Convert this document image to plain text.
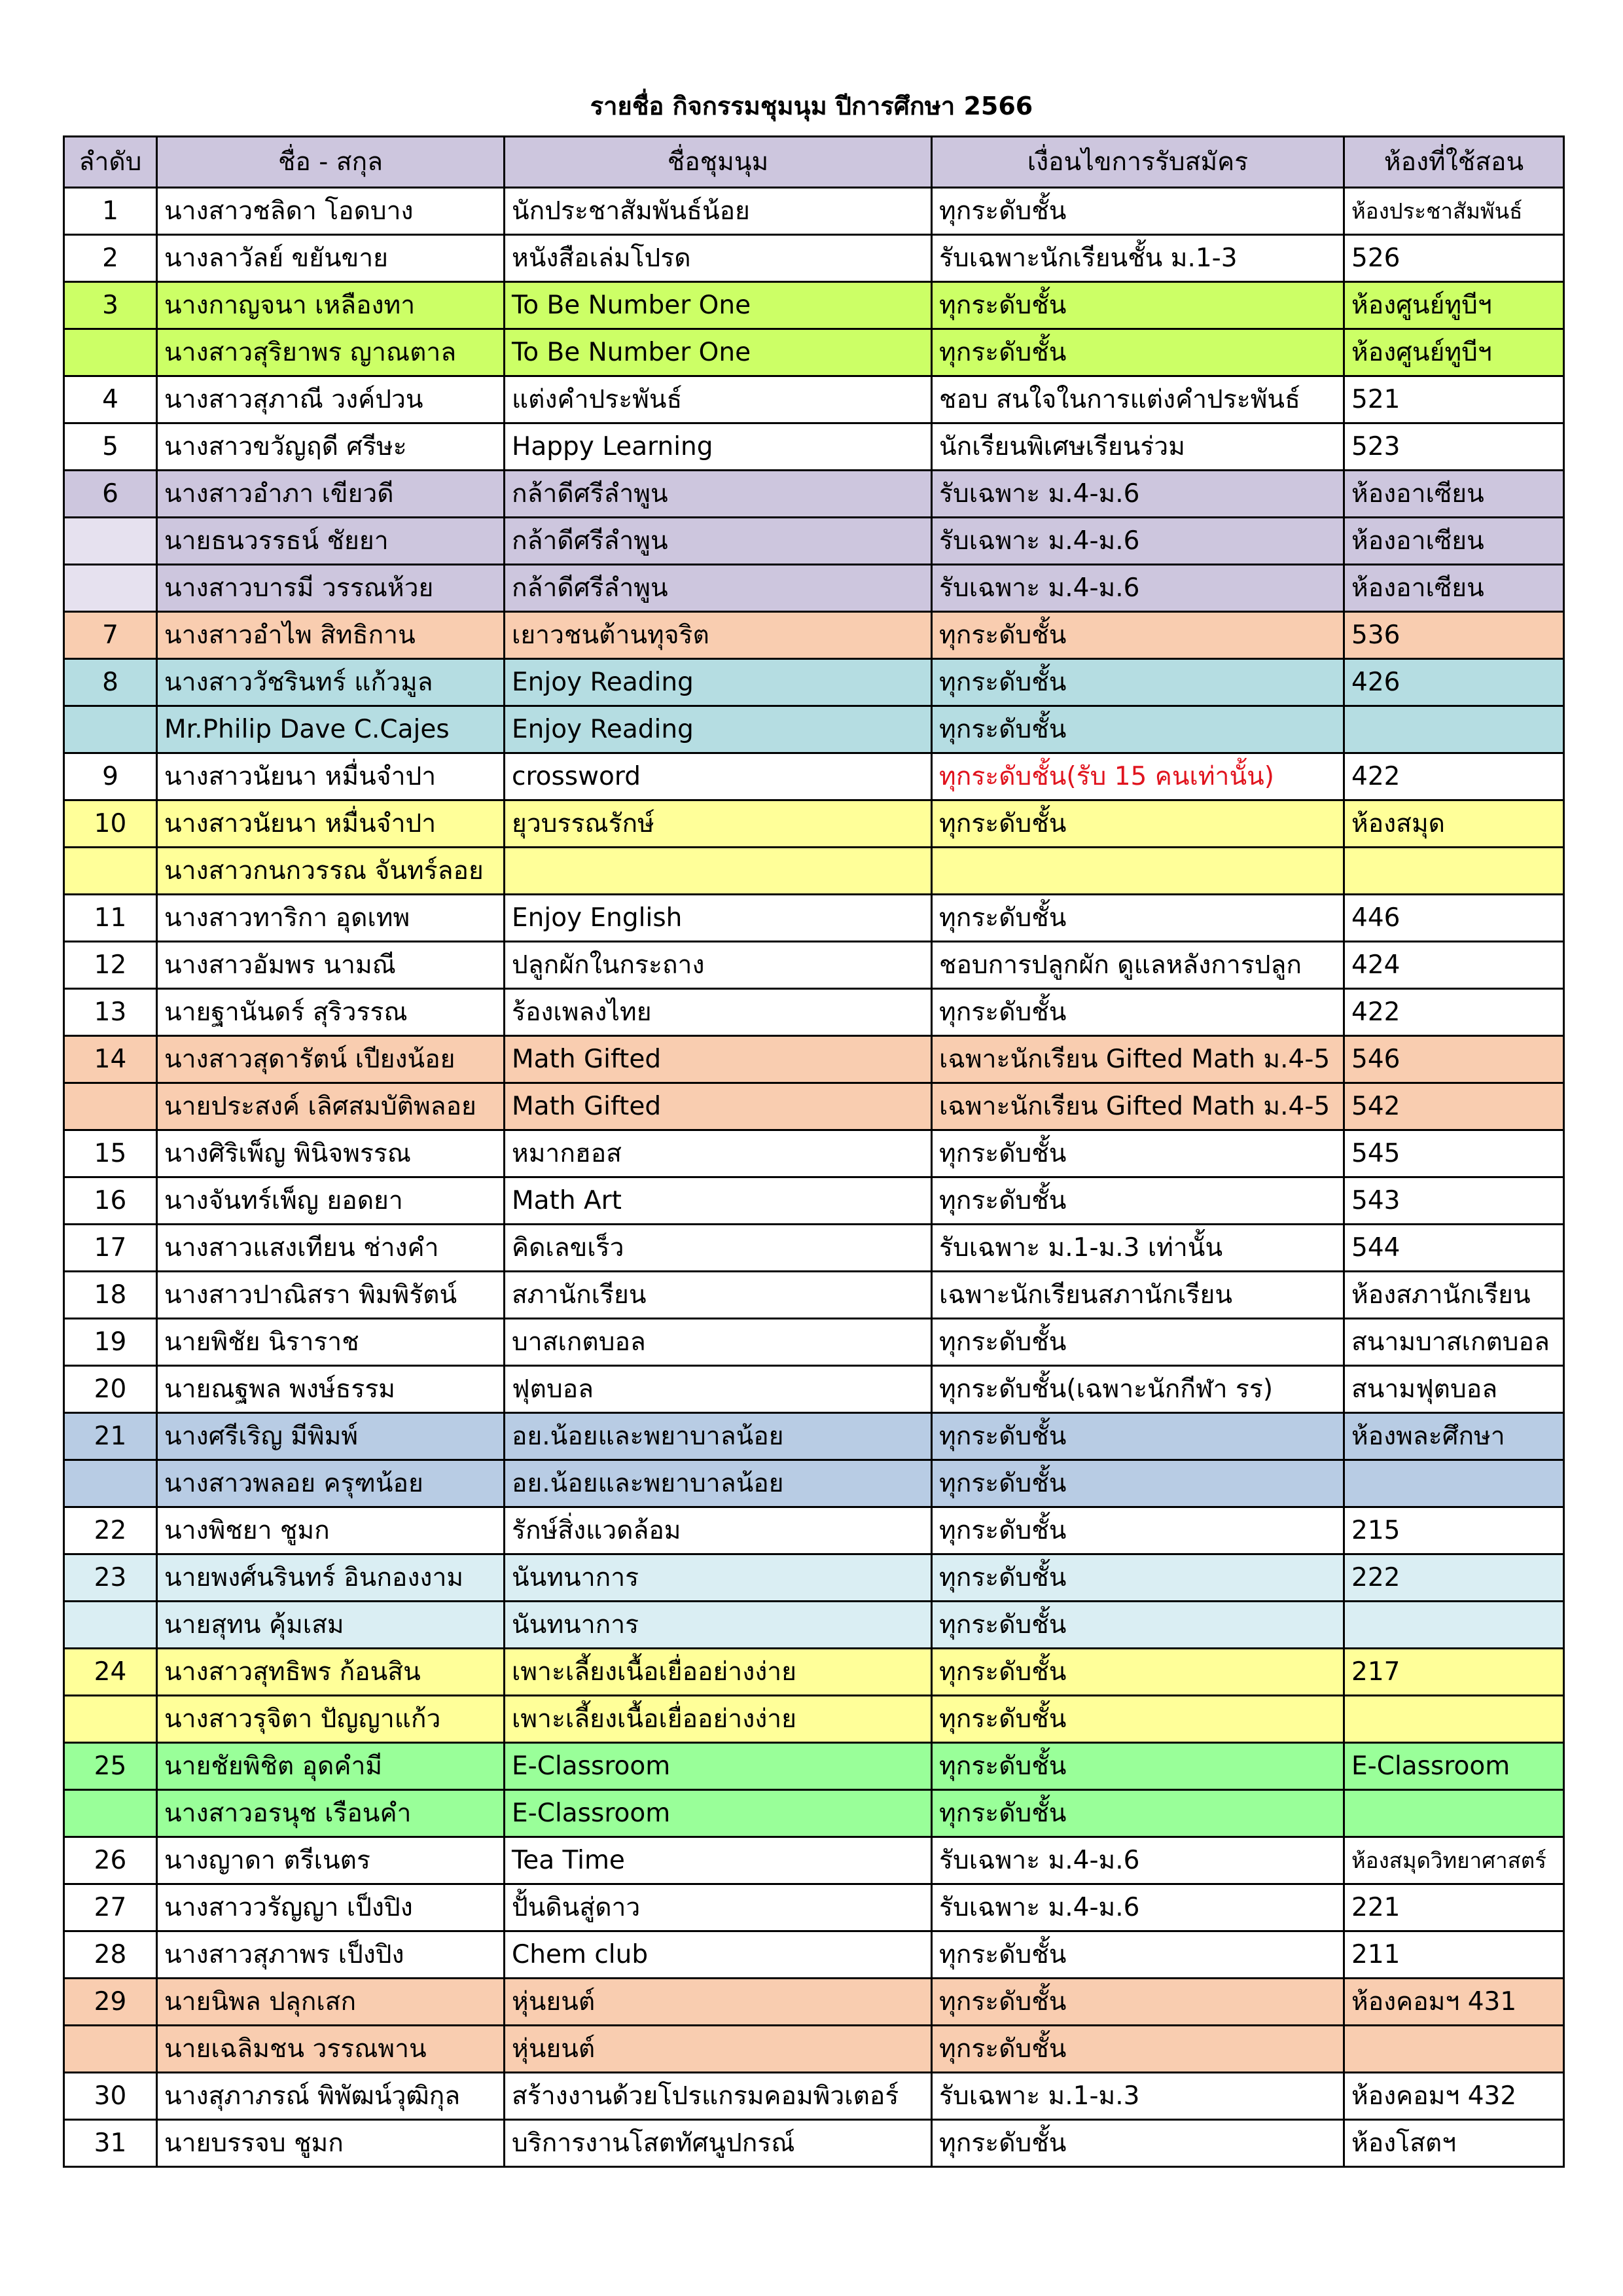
รายชื่อ กิจกรรมชุมนุม ปีการศึกษา 2566
ลำดับ	ชื่อ - สกุล	ชื่อชุมนุม	เงื่อนไขการรับสมัคร	ห้องที่ใช้สอน
1	นางสาวชลิดา โอดบาง	นักประชาสัมพันธ์น้อย	ทุกระดับชั้น	ห้องประชาสัมพันธ์
2	นางลาวัลย์ ขยันขาย	หนังสือเล่มโปรด	รับเฉพาะนักเรียนชั้น ม.1-3	526
3	นางกาญจนา เหลืองทา	To Be Number One	ทุกระดับชั้น	ห้องศูนย์ทูบีฯ
	นางสาวสุริยาพร ญาณตาล	To Be Number One	ทุกระดับชั้น	ห้องศูนย์ทูบีฯ
4	นางสาวสุภาณี วงค์ปวน	แต่งคำประพันธ์	ชอบ สนใจในการแต่งคำประพันธ์	521
5	นางสาวขวัญฤดี ศรีษะ	Happy Learning	นักเรียนพิเศษเรียนร่วม	523
6	นางสาวอำภา เขียวดี	กล้าดีศรีลำพูน	รับเฉพาะ ม.4-ม.6	ห้องอาเซียน
	นายธนวรรธน์ ชัยยา	กล้าดีศรีลำพูน	รับเฉพาะ ม.4-ม.6	ห้องอาเซียน
	นางสาวบารมี วรรณห้วย	กล้าดีศรีลำพูน	รับเฉพาะ ม.4-ม.6	ห้องอาเซียน
7	นางสาวอำไพ สิทธิกาน	เยาวชนต้านทุจริต	ทุกระดับชั้น	536
8	นางสาววัชรินทร์ แก้วมูล	Enjoy Reading	ทุกระดับชั้น	426
	Mr.Philip Dave C.Cajes	Enjoy Reading	ทุกระดับชั้น	
9	นางสาวนัยนา หมื่นจำปา	crossword	ทุกระดับชั้น(รับ 15 คนเท่านั้น)	422
10	นางสาวนัยนา หมื่นจำปา	ยุวบรรณรักษ์	ทุกระดับชั้น	ห้องสมุด
	นางสาวกนกวรรณ จันทร์ลอย			
11	นางสาวทาริกา อุดเทพ	Enjoy English	ทุกระดับชั้น	446
12	นางสาวอัมพร นามณี	ปลูกผักในกระถาง	ชอบการปลูกผัก ดูแลหลังการปลูก	424
13	นายฐานันดร์ สุริวรรณ	ร้องเพลงไทย	ทุกระดับชั้น	422
14	นางสาวสุดารัตน์ เปียงน้อย	Math Gifted	เฉพาะนักเรียน Gifted Math ม.4-5	546
	นายประสงค์ เลิศสมบัติพลอย	Math Gifted	เฉพาะนักเรียน Gifted Math ม.4-5	542
15	นางศิริเพ็ญ พินิจพรรณ	หมากฮอส	ทุกระดับชั้น	545
16	นางจันทร์เพ็ญ ยอดยา	Math Art	ทุกระดับชั้น	543
17	นางสาวแสงเทียน ช่างคำ	คิดเลขเร็ว	รับเฉพาะ ม.1-ม.3 เท่านั้น	544
18	นางสาวปาณิสรา พิมพิรัตน์	สภานักเรียน	เฉพาะนักเรียนสภานักเรียน	ห้องสภานักเรียน
19	นายพิชัย นิราราช	บาสเกตบอล	ทุกระดับชั้น	สนามบาสเกตบอล
20	นายณฐพล พงษ์ธรรม	ฟุตบอล	ทุกระดับชั้น(เฉพาะนักกีฬา รร)	สนามฟุตบอล
21	นางศรีเริญ มีพิมพ์	อย.น้อยและพยาบาลน้อย	ทุกระดับชั้น	ห้องพละศึกษา
	นางสาวพลอย ครุฑน้อย	อย.น้อยและพยาบาลน้อย	ทุกระดับชั้น	
22	นางพิชยา ชูมก	รักษ์สิ่งแวดล้อม	ทุกระดับชั้น	215
23	นายพงศ์นรินทร์ อินกองงาม	นันทนาการ	ทุกระดับชั้น	222
	นายสุทน คุ้มเสม	นันทนาการ	ทุกระดับชั้น	
24	นางสาวสุทธิพร ก้อนสิน	เพาะเลี้ยงเนื้อเยื่ออย่างง่าย	ทุกระดับชั้น	217
	นางสาวรุจิตา ปัญญาแก้ว	เพาะเลี้ยงเนื้อเยื่ออย่างง่าย	ทุกระดับชั้น	
25	นายชัยพิชิต อุดคำมี	E-Classroom	ทุกระดับชั้น	E-Classroom
	นางสาวอรนุช เรือนคำ	E-Classroom	ทุกระดับชั้น	
26	นางญาดา ตรีเนตร	Tea Time	รับเฉพาะ ม.4-ม.6	ห้องสมุดวิทยาศาสตร์
27	นางสาววรัญญา เป็งปิง	ปั้นดินสู่ดาว	รับเฉพาะ ม.4-ม.6	221
28	นางสาวสุภาพร เป็งปิง	Chem club	ทุกระดับชั้น	211
29	นายนิพล ปลุกเสก	หุ่นยนต์	ทุกระดับชั้น	ห้องคอมฯ 431
	นายเฉลิมชน วรรณพาน	หุ่นยนต์	ทุกระดับชั้น	
30	นางสุภาภรณ์ พิพัฒน์วุฒิกุล	สร้างงานด้วยโปรแกรมคอมพิวเตอร์	รับเฉพาะ ม.1-ม.3	ห้องคอมฯ 432
31	นายบรรจบ ชูมก	บริการงานโสตทัศนูปกรณ์	ทุกระดับชั้น	ห้องโสตฯ
